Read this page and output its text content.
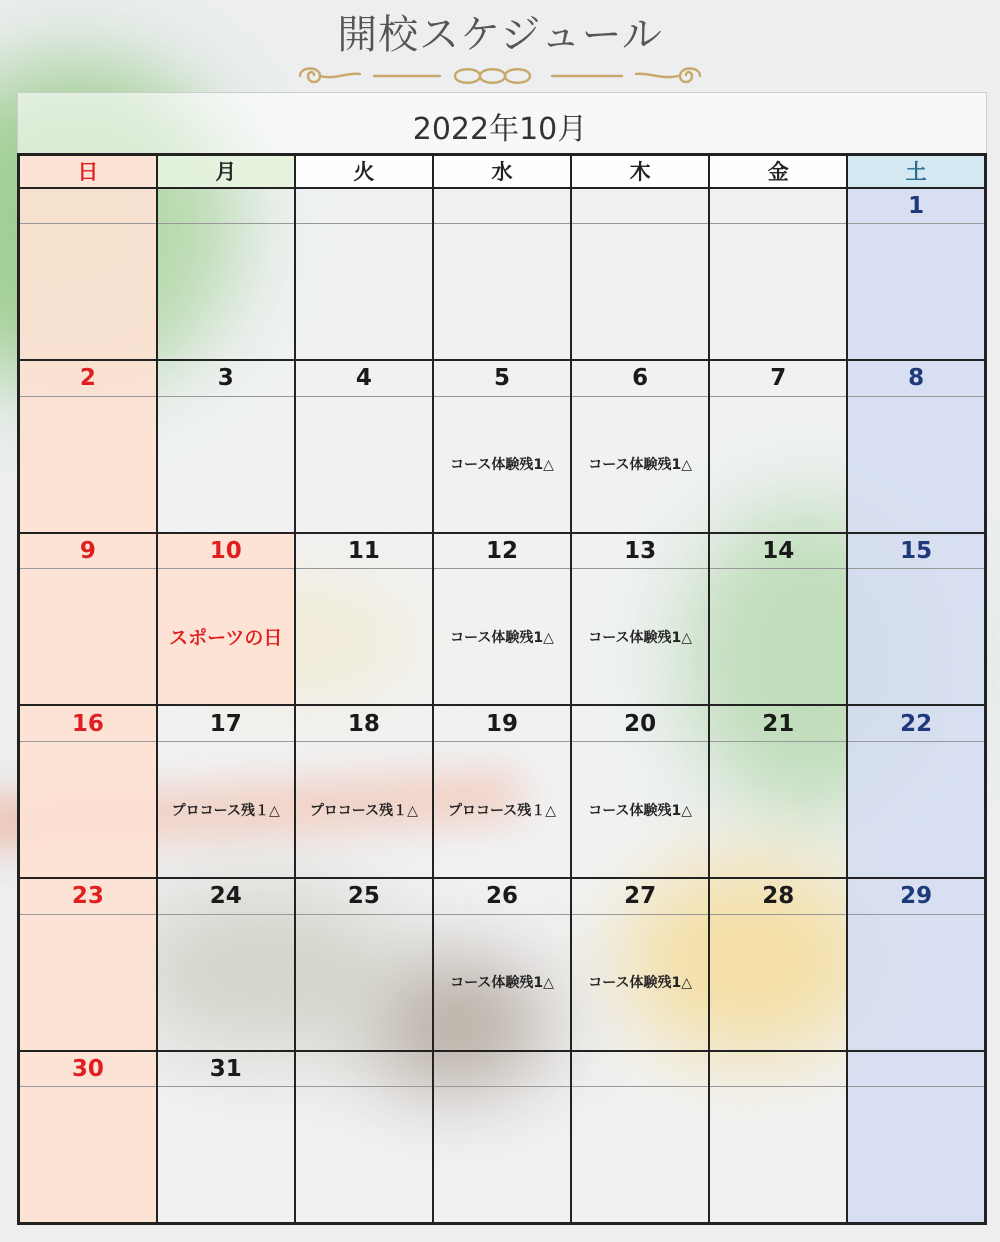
開校スケジュール
2022年10月
日	月	火	水	木	金	土
						1

2	3	4	5	6	7	8
			コース体験残1△	コース体験残1△		
9	10	11	12	13	14	15
	スポーツの日		コース体験残1△	コース体験残1△		
16	17	18	19	20	21	22
	プロコース残１△	プロコース残１△	プロコース残１△	コース体験残1△		
23	24	25	26	27	28	29
			コース体験残1△	コース体験残1△		
30	31					
